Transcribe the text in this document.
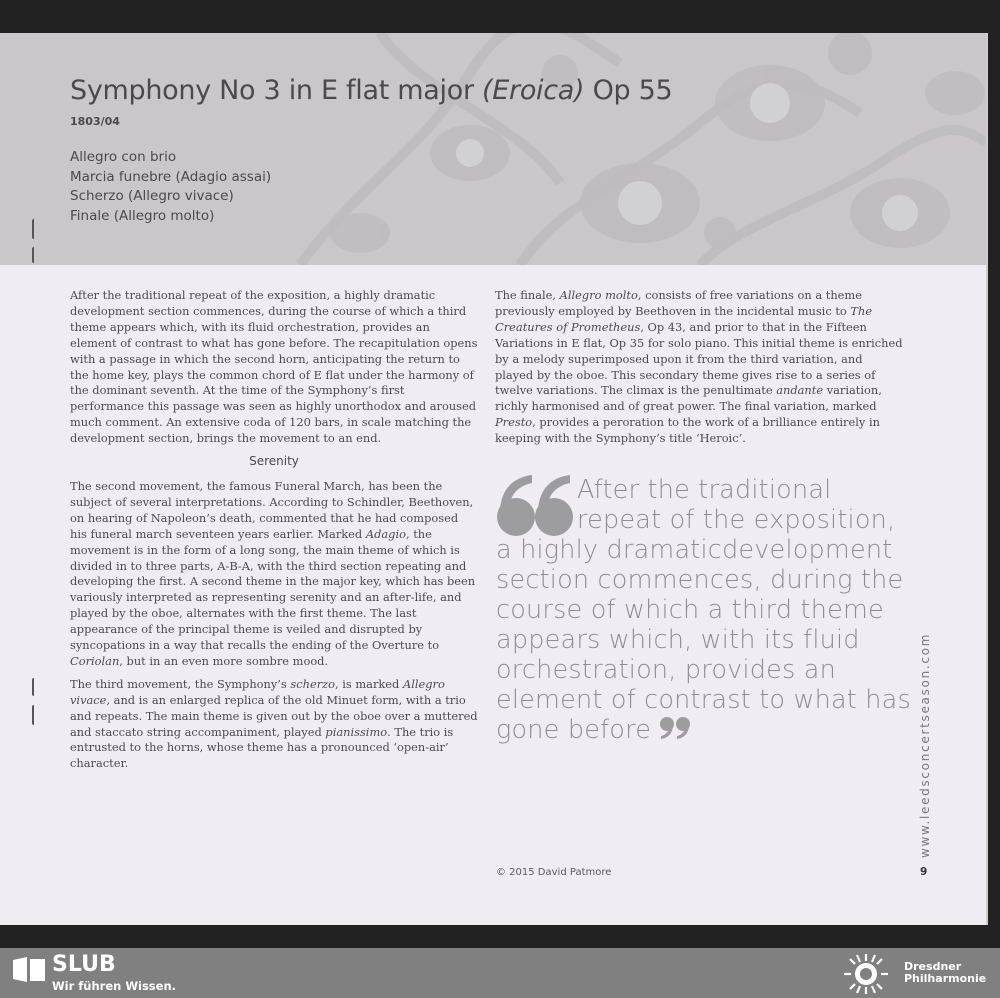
Symphony No 3 in E flat major (Eroica) Op 55
1803/04
Allegro con brio
Marcia funebre (Adagio assai)
Scherzo (Allegro vivace)
Finale (Allegro molto)

After the traditional repeat of the exposition, a highly dramatic development section commences, during the course of which a third theme appears which, with its fluid orchestration, provides an element of contrast to what has gone before. The recapitulation opens with a passage in which the second horn, anticipating the return to the home key, plays the common chord of E flat under the harmony of the dominant seventh. At the time of the Symphony’s first performance this passage was seen as highly unorthodox and aroused much comment. An extensive coda of 120 bars, in scale matching the development section, brings the movement to an end.

Serenity

The second movement, the famous Funeral March, has been the subject of several interpretations. According to Schindler, Beethoven, on hearing of Napoleon’s death, commented that he had composed his funeral march seventeen years earlier. Marked Adagio, the movement is in the form of a long song, the main theme of which is divided in to three parts, A-B-A, with the third section repeating and developing the first. A second theme in the major key, which has been variously interpreted as representing serenity and an after-life, and played by the oboe, alternates with the first theme. The last appearance of the principal theme is veiled and disrupted by syncopations in a way that recalls the ending of the Overture to Coriolan, but in an even more sombre mood.

The third movement, the Symphony’s scherzo, is marked Allegro vivace, and is an enlarged replica of the old Minuet form, with a trio and repeats. The main theme is given out by the oboe over a muttered and staccato string accompaniment, played pianissimo. The trio is entrusted to the horns, whose theme has a pronounced ‘open-air’ character.

The finale, Allegro molto, consists of free variations on a theme previously employed by Beethoven in the incidental music to The Creatures of Prometheus, Op 43, and prior to that in the Fifteen Variations in E flat, Op 35 for solo piano. This initial theme is enriched by a melody superimposed upon it from the third variation, and played by the oboe. This secondary theme gives rise to a series of twelve variations. The climax is the penultimate andante variation, richly harmonised and of great power. The final variation, marked Presto, provides a peroration to the work of a brilliance entirely in keeping with the Symphony’s title ‘Heroic’.

After the traditional
repeat of the exposition,
a highly dramaticdevelopment section commences, during the course of which a third theme appears which, with its fluid orchestration, provides an element of contrast to what has gone before	www.leedsconcertseason.com
© 2015 David Patmore	9
SLUB
Wir führen Wissen.
Dresdner
Philharmonie
